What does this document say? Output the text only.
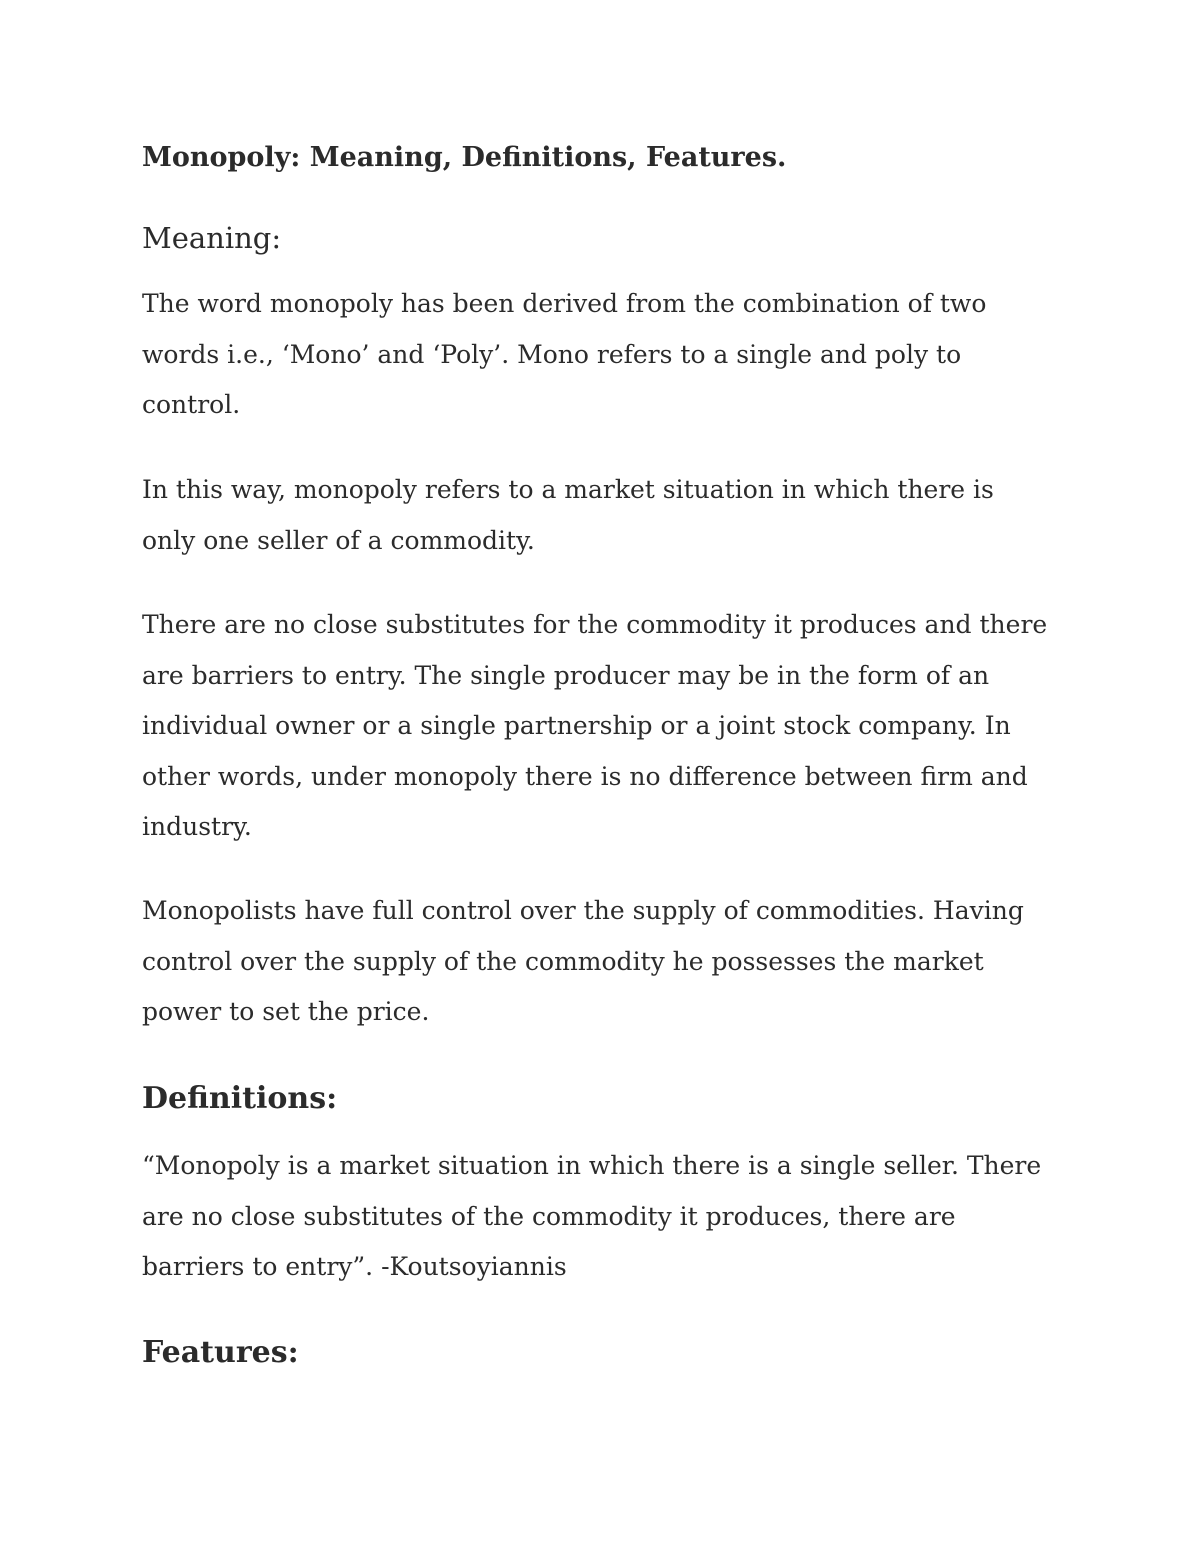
Monopoly: Meaning, Definitions, Features.
Meaning:

The word monopoly has been derived from the combination of two
words i.e., ‘Mono’ and ‘Poly’. Mono refers to a single and poly to
control.

In this way, monopoly refers to a market situation in which there is
only one seller of a commodity.

There are no close substitutes for the commodity it produces and there
are barriers to entry. The single producer may be in the form of an
individual owner or a single partnership or a joint stock company. In
other words, under monopoly there is no difference between firm and
industry.

Monopolists have full control over the supply of commodities. Having
control over the supply of the commodity he possesses the market
power to set the price.

Definitions:

“Monopoly is a market situation in which there is a single seller. There
are no close substitutes of the commodity it produces, there are
barriers to entry”. -Koutsoyiannis

Features:
